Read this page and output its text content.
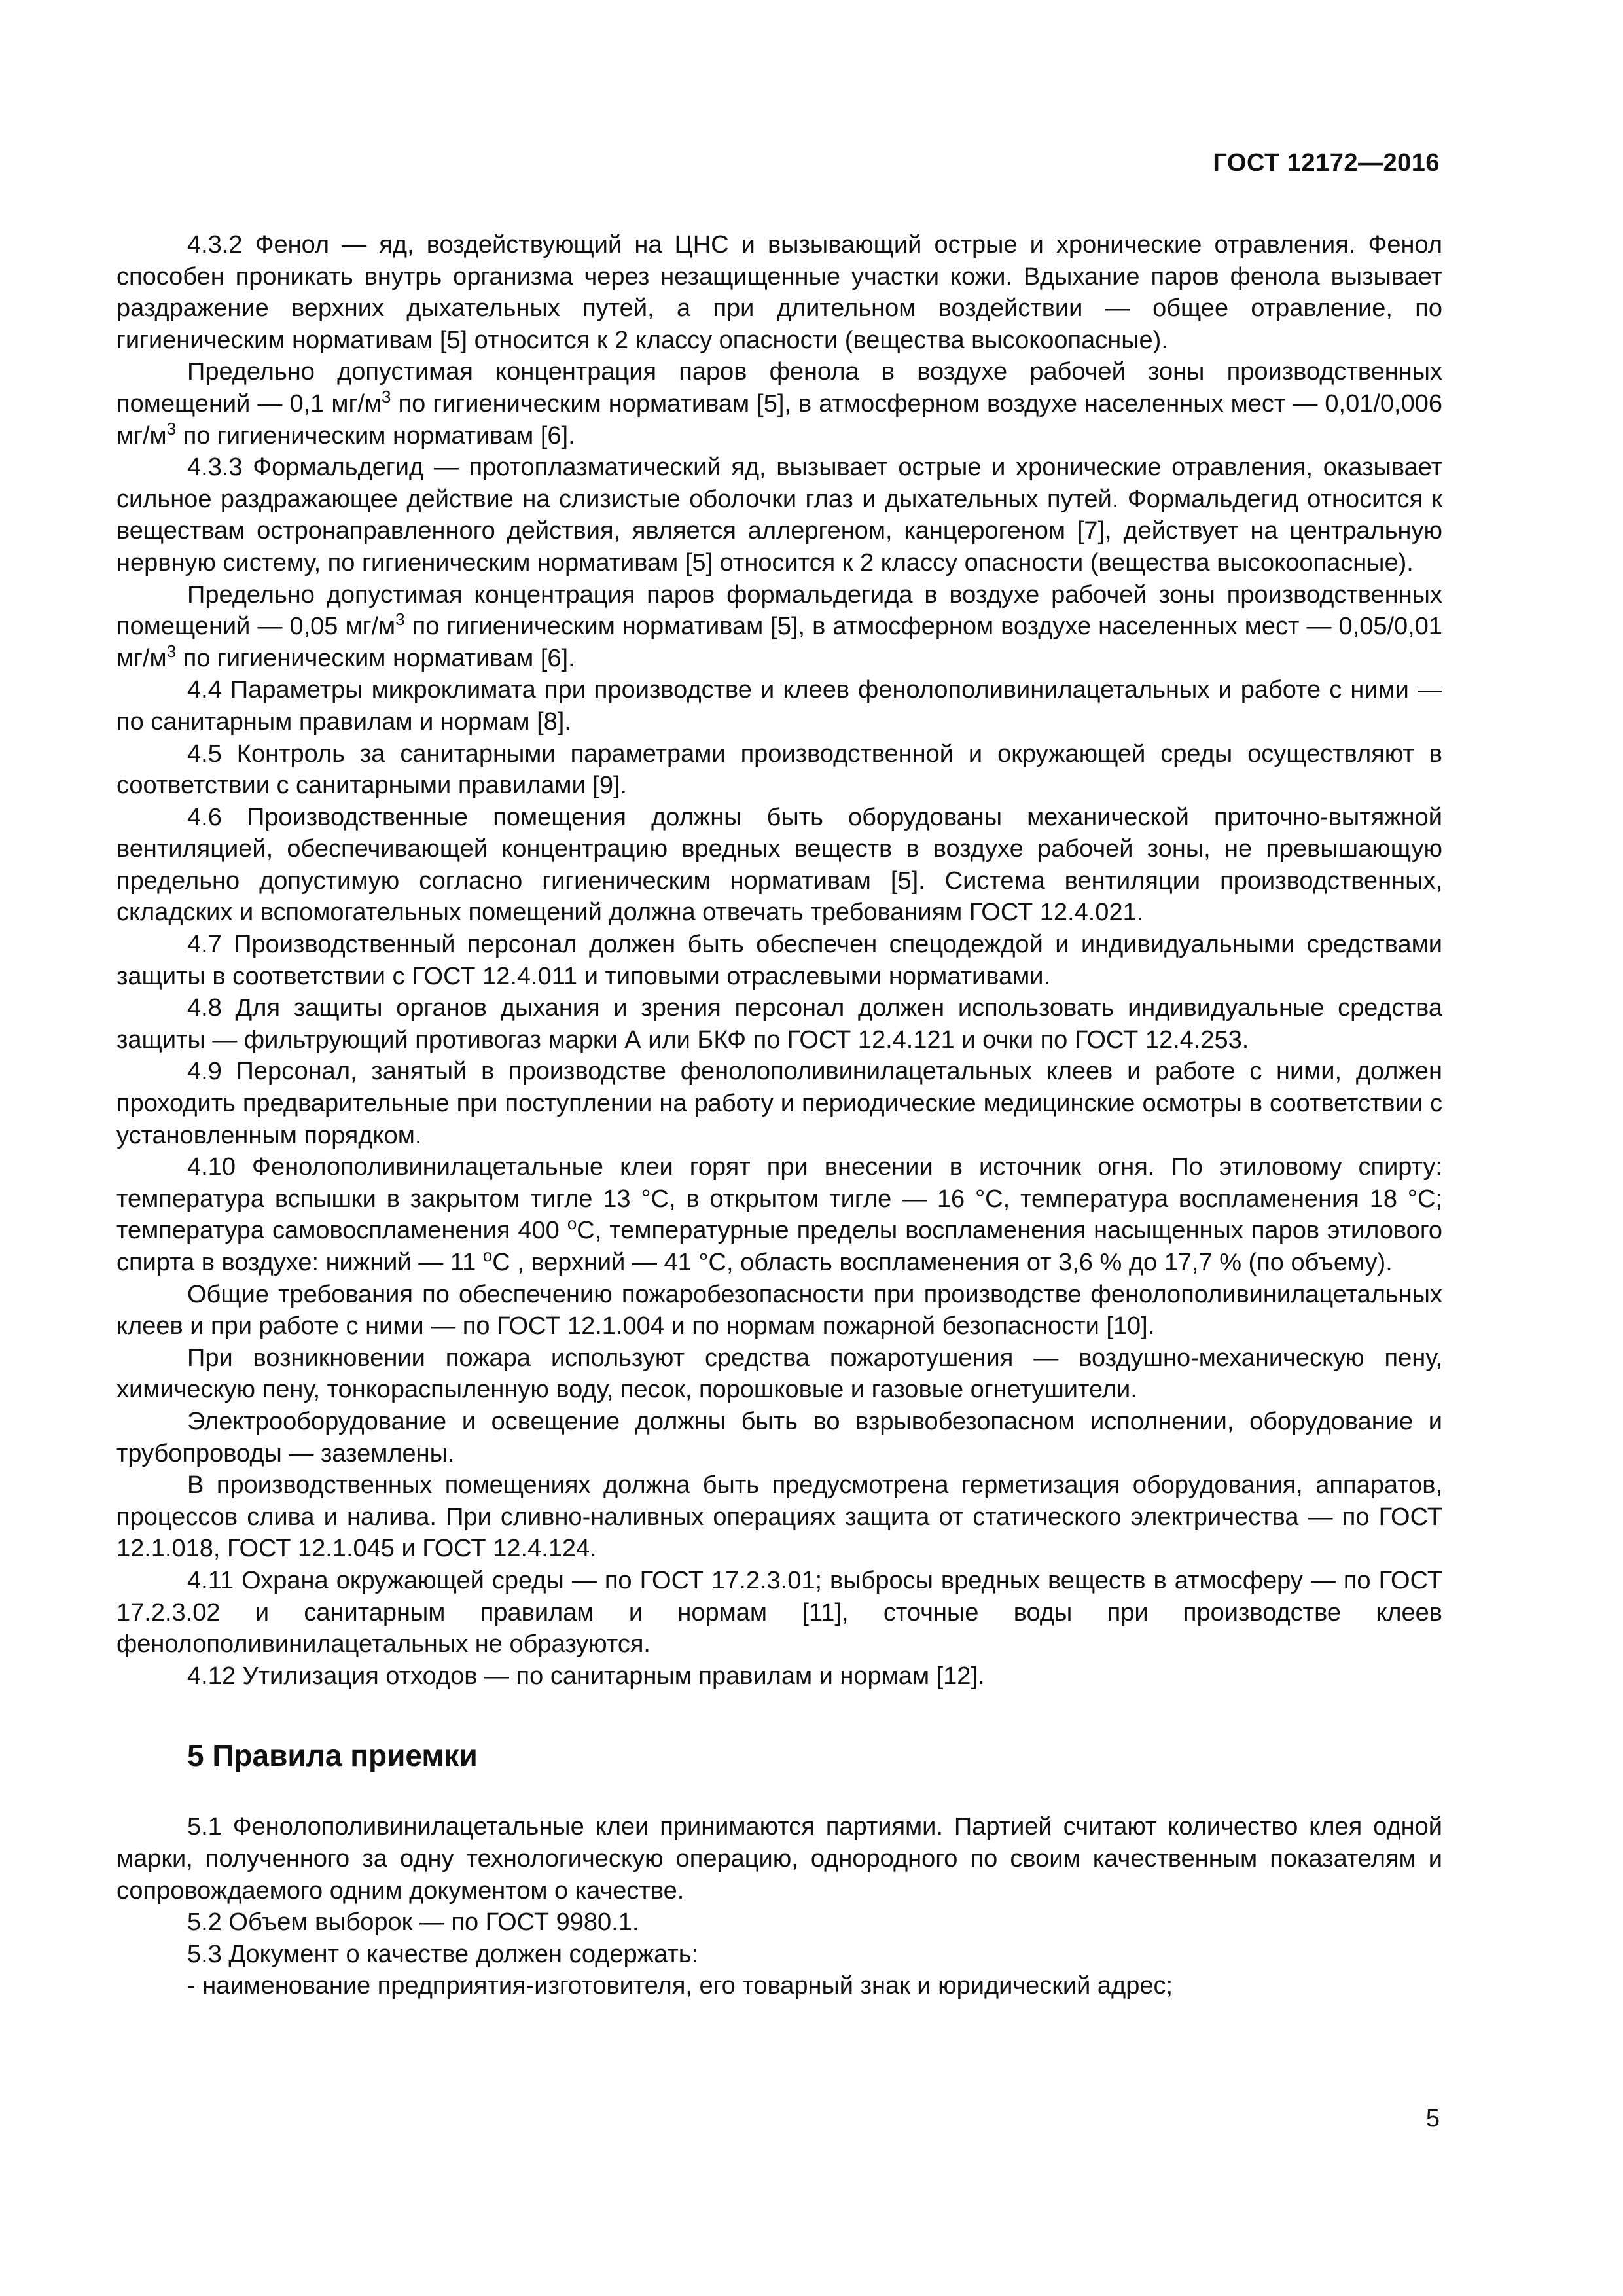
ГОСТ 12172—2016

4.3.2 Фенол — яд, воздействующий на ЦНС и вызывающий острые и хронические отравления. Фенол способен проникать внутрь организма через незащищенные участки кожи. Вдыхание паров фенола вызывает раздражение верхних дыхательных путей, а при длительном воздействии — общее отравление, по гигиеническим нормативам [5] относится к 2 классу опасности (вещества высокоопасные).

Предельно допустимая концентрация паров фенола в воздухе рабочей зоны производственных помещений — 0,1 $мг/м^3$ по гигиеническим нормативам [5], в атмосферном воздухе населенных мест — 0,01/0,006 $мг/м^3$ по гигиеническим нормативам [6].

4.3.3 Формальдегид — протоплазматический яд, вызывает острые и хронические отравления, оказывает сильное раздражающее действие на слизистые оболочки глаз и дыхательных путей. Формальдегид относится к веществам остронаправленного действия, является аллергеном, канцерогеном [7], действует на центральную нервную систему, по гигиеническим нормативам [5] относится к 2 классу опасности (вещества высокоопасные).

Предельно допустимая концентрация паров формальдегида в воздухе рабочей зоны производственных помещений — 0,05 $мг/м^3$ по гигиеническим нормативам [5], в атмосферном воздухе населенных мест — 0,05/0,01 $мг/м^3$ по гигиеническим нормативам [6].

4.4 Параметры микроклимата при производстве и клеев фенолополивинилацетальных и работе с ними — по санитарным правилам и нормам [8].

4.5 Контроль за санитарными параметрами производственной и окружающей среды осуществляют в соответствии с санитарными правилами [9].

4.6 Производственные помещения должны быть оборудованы механической приточно-вытяжной вентиляцией, обеспечивающей концентрацию вредных веществ в воздухе рабочей зоны, не превышающую предельно допустимую согласно гигиеническим нормативам [5]. Система вентиляции производственных, складских и вспомогательных помещений должна отвечать требованиям ГОСТ 12.4.021.

4.7 Производственный персонал должен быть обеспечен спецодеждой и индивидуальными средствами защиты в соответствии с ГОСТ 12.4.011 и типовыми отраслевыми нормативами.

4.8 Для защиты органов дыхания и зрения персонал должен использовать индивидуальные средства защиты — фильтрующий противогаз марки А или БКФ по ГОСТ 12.4.121 и очки по ГОСТ 12.4.253.

4.9 Персонал, занятый в производстве фенолополивинилацетальных клеев и работе с ними, должен проходить предварительные при поступлении на работу и периодические медицинские осмотры в соответствии с установленным порядком.

4.10 Фенолополивинилацетальные клеи горят при внесении в источник огня. По этиловому спирту: температура вспышки в закрытом тигле 13 °С, в открытом тигле — 16 °С, температура воспламенения 18 °С; температура самовоспламенения 400 $^о$С, температурные пределы воспламенения насыщенных паров этилового спирта в воздухе: нижний — 11 $^о$С , верхний — 41 °С, область воспламенения от 3,6 % до 17,7 % (по объему).

Общие требования по обеспечению пожаробезопасности при производстве фенолополивинилацетальных клеев и при работе с ними — по ГОСТ 12.1.004 и по нормам пожарной безопасности [10].

При возникновении пожара используют средства пожаротушения — воздушно-механическую пену, химическую пену, тонкораспыленную воду, песок, порошковые и газовые огнетушители.

Электрооборудование и освещение должны быть во взрывобезопасном исполнении, оборудование и трубопроводы — заземлены.

В производственных помещениях должна быть предусмотрена герметизация оборудования, аппаратов, процессов слива и налива. При сливно-наливных операциях защита от статического электричества — по ГОСТ 12.1.018, ГОСТ 12.1.045 и ГОСТ 12.4.124.

4.11 Охрана окружающей среды — по ГОСТ 17.2.3.01; выбросы вредных веществ в атмосферу — по ГОСТ 17.2.3.02 и санитарным правилам и нормам [11], сточные воды при производстве клеев фенолополивинилацетальных не образуются.

4.12 Утилизация отходов — по санитарным правилам и нормам [12].

5 Правила приемки

5.1 Фенолополивинилацетальные клеи принимаются партиями. Партией считают количество клея одной марки, полученного за одну технологическую операцию, однородного по своим качественным показателям и сопровождаемого одним документом о качестве.

5.2 Объем выборок — по ГОСТ 9980.1.

5.3 Документ о качестве должен содержать:

- наименование предприятия-изготовителя, его товарный знак и юридический адрес;

5
